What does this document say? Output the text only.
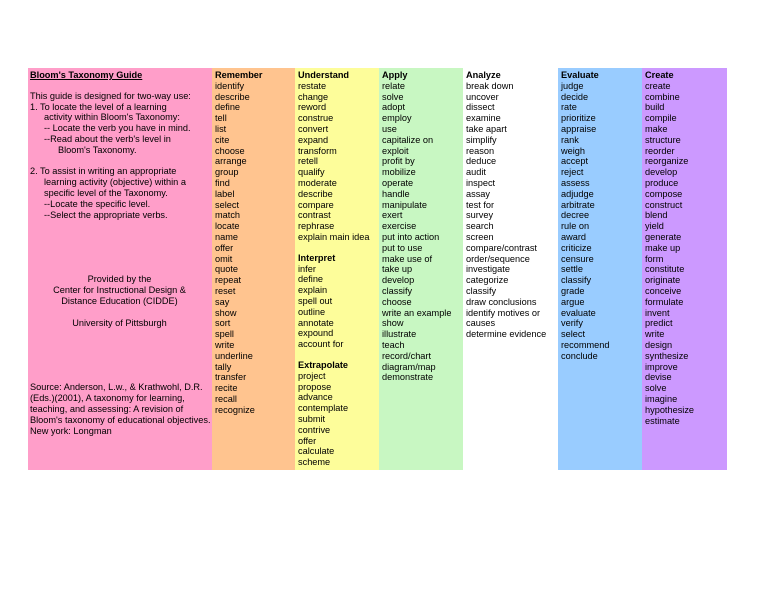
Bloom's Taxonomy Guide
This guide is designed for two-way use:
1. To locate the level of a learning
activity within Bloom's Taxonomy:
-- Locate the verb you have in mind.
--Read about the verb's level in
Bloom's Taxonomy.
2. To assist in writing an appropriate
learning activity (objective) within a
specific level of the Taxonomy.
--Locate the specific level.
--Select the appropriate verbs.
Provided by the
Center for Instructional Design &
Distance Education (CIDDE)
University of Pittsburgh
Source: Anderson, L.w., & Krathwohl, D.R.
(Eds.)(2001), A taxonomy for learning,
teaching, and assessing: A revision of
Bloom's taxonomy of educational objectives.
New york: Longman
Remember
identify
describe
define
tell
list
cite
choose
arrange
group
find
label
select
match
locate
name
offer
omit
quote
repeat
reset
say
show
sort
spell
write
underline
tally
transfer
recite
recall
recognize
Understand
restate
change
reword
construe
convert
expand
transform
retell
qualify
moderate
describe
compare
contrast
rephrase
explain main idea
Interpret
infer
define
explain
spell out
outline
annotate
expound
account for
Extrapolate
project
propose
advance
contemplate
submit
contrive
offer
calculate
scheme
Apply
relate
solve
adopt
employ
use
capitalize on
exploit
profit by
mobilize
operate
handle
manipulate
exert
exercise
put into action
put to use
make use of
take up
develop
classify
choose
write an example
show
illustrate
teach
record/chart
diagram/map
demonstrate
Analyze
break down
uncover
dissect
examine
take apart
simplify
reason
deduce
audit
inspect
assay
test for
survey
search
screen
compare/contrast
order/sequence
investigate
categorize
classify
draw conclusions
identify motives or
causes
determine evidence
Evaluate
judge
decide
rate
prioritize
appraise
rank
weigh
accept
reject
assess
adjudge
arbitrate
decree
rule on
award
criticize
censure
settle
classify
grade
argue
evaluate
verify
select
recommend
conclude
Create
create
combine
build
compile
make
structure
reorder
reorganize
develop
produce
compose
construct
blend
yield
generate
make up
form
constitute
originate
conceive
formulate
invent
predict
write
design
synthesize
improve
devise
solve
imagine
hypothesize
estimate
